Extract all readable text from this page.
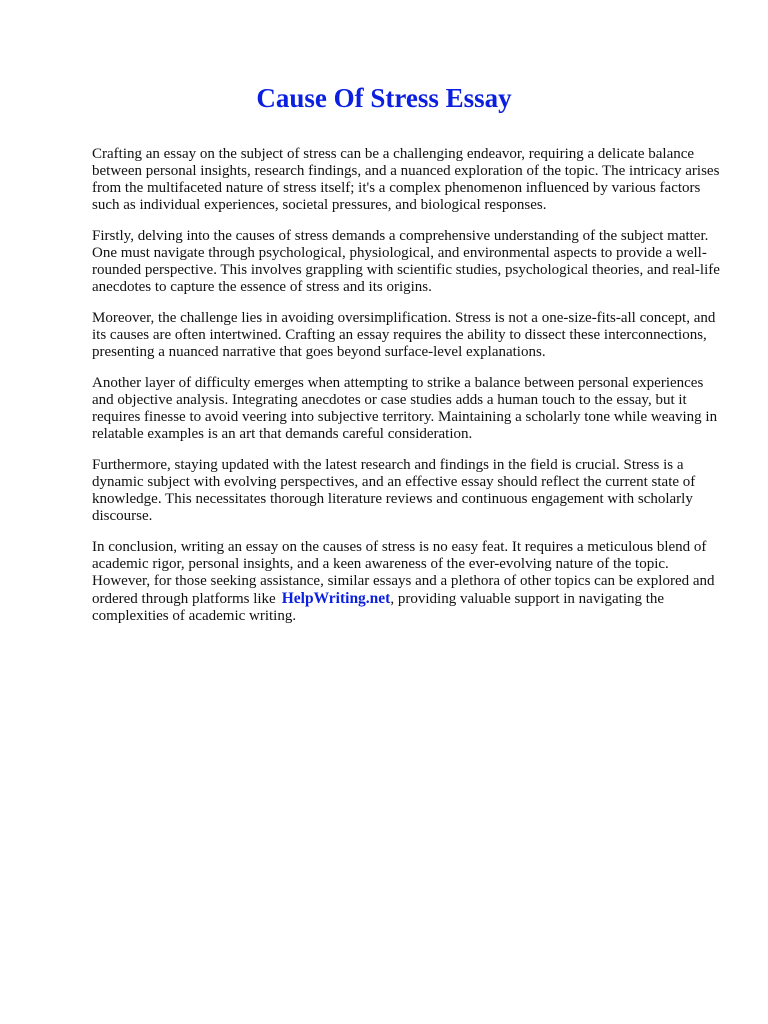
Cause Of Stress Essay

Crafting an essay on the subject of stress can be a challenging endeavor, requiring a delicate balance between personal insights, research findings, and a nuanced exploration of the topic. The intricacy arises from the multifaceted nature of stress itself; it's a complex phenomenon influenced by various factors such as individual experiences, societal pressures, and biological responses.

Firstly, delving into the causes of stress demands a comprehensive understanding of the subject matter. One must navigate through psychological, physiological, and environmental aspects to provide a well-rounded perspective. This involves grappling with scientific studies, psychological theories, and real-life anecdotes to capture the essence of stress and its origins.

Moreover, the challenge lies in avoiding oversimplification. Stress is not a one-size-fits-all concept, and its causes are often intertwined. Crafting an essay requires the ability to dissect these interconnections, presenting a nuanced narrative that goes beyond surface-level explanations.

Another layer of difficulty emerges when attempting to strike a balance between personal experiences and objective analysis. Integrating anecdotes or case studies adds a human touch to the essay, but it requires finesse to avoid veering into subjective territory. Maintaining a scholarly tone while weaving in relatable examples is an art that demands careful consideration.

Furthermore, staying updated with the latest research and findings in the field is crucial. Stress is a dynamic subject with evolving perspectives, and an effective essay should reflect the current state of knowledge. This necessitates thorough literature reviews and continuous engagement with scholarly discourse.

In conclusion, writing an essay on the causes of stress is no easy feat. It requires a meticulous blend of academic rigor, personal insights, and a keen awareness of the ever-evolving nature of the topic. However, for those seeking assistance, similar essays and a plethora of other topics can be explored and ordered through platforms like HelpWriting.net, providing valuable support in navigating the complexities of academic writing.
